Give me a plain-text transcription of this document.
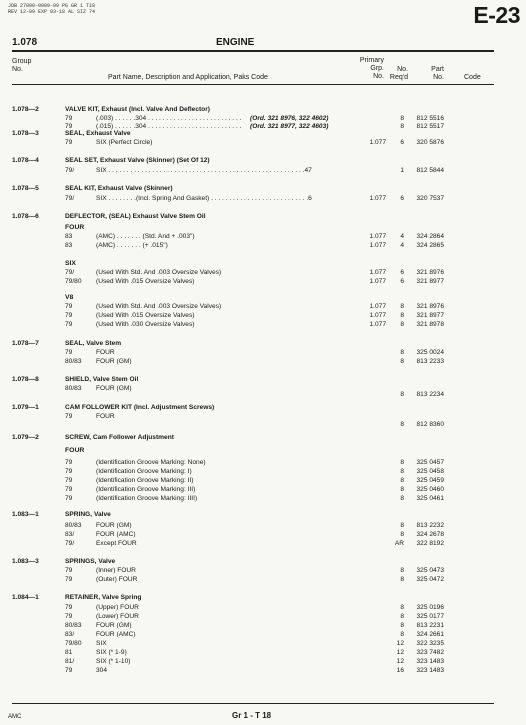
JOB 27000-0089-09 PG GR 1 T18
REV 12-09 EXP 03-18 AL SIZ 74	E-23
1.078	ENGINE
Group
No.
Part Name, Description and Application, Paks Code
Primary
Grp.
No.
No.
Req'd
Part
No.	Code
1.078—2	VALVE KIT, Exhaust (Incl. Valve And Deflector)
79	(.003) . . . . . .304 . . . . . . . . . . . . . . . . . . . . . . . . . . (Ord. 321 8976, 322 4602)	8	812 5516
79	(.015) . . . . . .304 . . . . . . . . . . . . . . . . . . . . . . . . . . (Ord. 321 8977, 322 4603)	8	812 5517
1.078—3	SEAL, Exhaust Valve
79	SIX (Perfect Circle)	1.077	6	320 5876
1.078—4	SEAL SET, Exhaust Valve (Skinner) (Set Of 12)
79/	SIX . . . . . . . . . . . . . . . . . . . . . . . . . . . . . . . . . . . . . . . . . . . . . . . . . . . . . .47	1	812 5844
1.078—5	SEAL KIT, Exhaust Valve (Skinner)
79/	SIX . . . . . . . .(Incl. Spring And Gasket) . . . . . . . . . . . . . . . . . . . . . . . . . . .6	1.077	6	320 7537
1.078—6	DEFLECTOR, (SEAL) Exhaust Valve Stem Oil
FOUR
83	(AMC) . . . . . . . (Std. And + .003")	1.077	4	324 2864
83	(AMC) . . . . . . . (+ .015")	1.077	4	324 2865
SIX
79/	(Used With Std. And .003 Oversize Valves)	1.077	6	321 8976
79/80 (Used With .015 Oversize Valves)	1.077	6	321 8977
V8
79	(Used With Std. And .003 Oversize Valves)	1.077	8	321 8976
79	(Used With .015 Oversize Valves)	1.077	8	321 8977
79	(Used With .030 Oversize Valves)	1.077	8	321 8978
1.078—7	SEAL, Valve Stem
79	FOUR	8	325 0024
80/83 FOUR (GM)	8	813 2233
1.078—8	SHIELD, Valve Stem Oil
80/83 FOUR (GM)
8	813 2234
1.079—1	CAM FOLLOWER KIT (Incl. Adjustment Screws)
79	FOUR
8	812 8360
1.079—2	SCREW, Cam Follower Adjustment
FOUR
79	(Identification Groove Marking: None)	8	325 0457
79	(Identification Groove Marking: I)	8	325 0458
79	(Identification Groove Marking: II)	8	325 0459
79	(Identification Groove Marking: III)	8	325 0460
79	(Identification Groove Marking: IIII)	8	325 0461
1.083—1	SPRING, Valve
80/83 FOUR (GM)	8	813 2232
83/	FOUR (AMC)	8	324 2678
79/	Except FOUR	AR	322 8192
1.083—3	SPRINGS, Valve
79	(Inner) FOUR	8	325 0473
79	(Outer) FOUR	8	325 0472
1.084—1	RETAINER, Valve Spring
79	(Upper) FOUR	8	325 0196
79	(Lower) FOUR	8	325 0177
80/83 FOUR (GM)	8	813 2231
83/	FOUR (AMC)	8	324 2661
79/80 SIX	12	322 3235
81	SIX (* 1-9)	12	323 7482
81/	SIX (* 1-10)	12	323 1483
79	304	16	323 1483
AMC	Gr 1 - T 18
